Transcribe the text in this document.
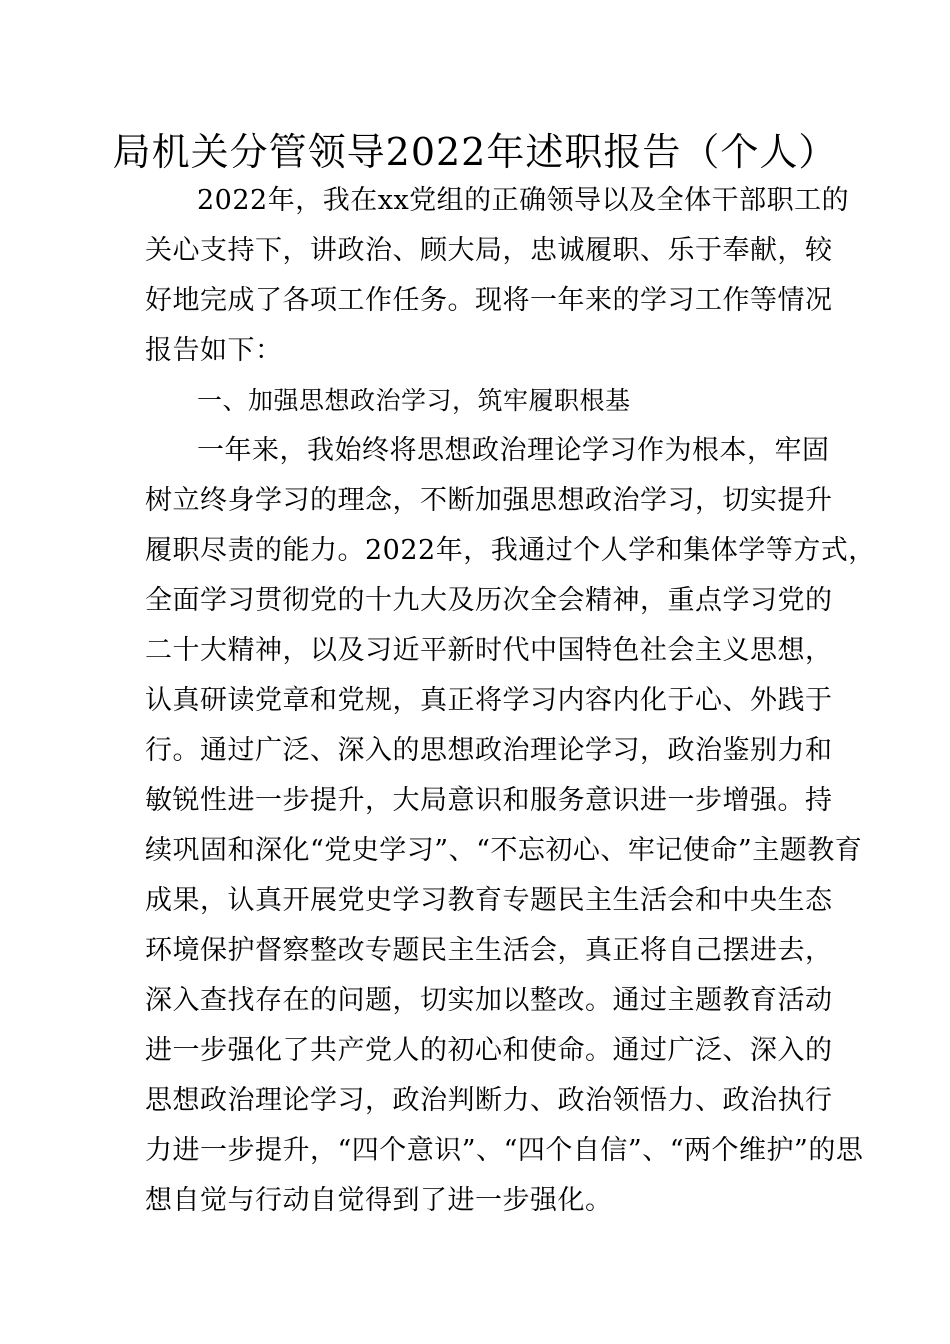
局机关分管领导2022年述职报告（个人）
2022年，我在xx党组的正确领导以及全体干部职工的
关心支持下，讲政治、顾大局，忠诚履职、乐于奉献，较
好地完成了各项工作任务。现将一年来的学习工作等情况
报告如下：
一、加强思想政治学习，筑牢履职根基
一年来，我始终将思想政治理论学习作为根本，牢固
树立终身学习的理念，不断加强思想政治学习，切实提升
履职尽责的能力。2022年，我通过个人学和集体学等方式，
全面学习贯彻党的十九大及历次全会精神，重点学习党的
二十大精神，以及习近平新时代中国特色社会主义思想，
认真研读党章和党规，真正将学习内容内化于心、外践于
行。通过广泛、深入的思想政治理论学习，政治鉴别力和
敏锐性进一步提升，大局意识和服务意识进一步增强。持
续巩固和深化“党史学习”、“不忘初心、牢记使命”主题教育
成果，认真开展党史学习教育专题民主生活会和中央生态
环境保护督察整改专题民主生活会，真正将自己摆进去，
深入查找存在的问题，切实加以整改。通过主题教育活动
进一步强化了共产党人的初心和使命。通过广泛、深入的
思想政治理论学习，政治判断力、政治领悟力、政治执行
力进一步提升，“四个意识”、“四个自信”、“两个维护”的思
想自觉与行动自觉得到了进一步强化。
